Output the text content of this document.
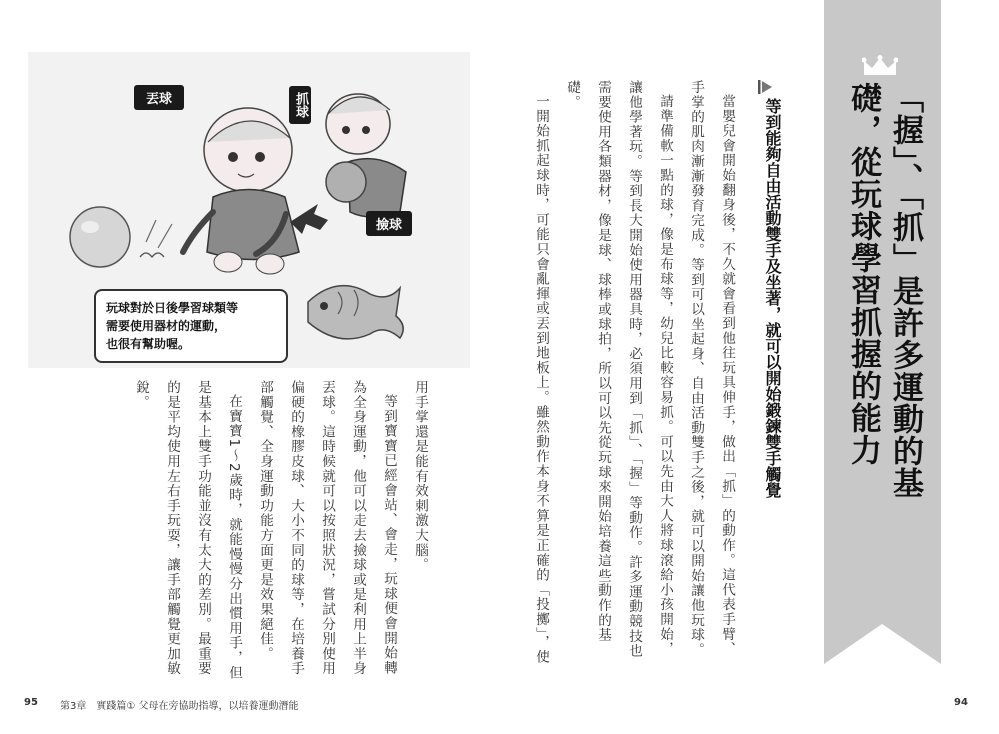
「握」、「抓」是許多運動的基礎，從玩球學習抓握的能力
等到能夠自由活動雙手及坐著，就可以開始鍛鍊雙手觸覺

當嬰兒會開始翻身後，不久就會看到他往玩具伸手，做出「抓」的動作。這代表手臂、手掌的肌肉漸漸發育完成。等到可以坐起身、自由活動雙手之後，就可以開始讓他玩球。

請準備軟一點的球，像是布球等，幼兒比較容易抓。可以先由大人將球滾給小孩開始，讓他學著玩。等到長大開始使用器具時，必須用到「抓」、「握」等動作。許多運動競技也需要使用各類器材，像是球、球棒或球拍，所以可以先從玩球來開始培養這些動作的基礎。

一開始抓起球時，可能只會亂揮或丟到地板上。雖然動作本身不算是正確的「投擲」，使

用手掌還是能有效刺激大腦。

等到寶寶已經會站、會走，玩球便會開始轉為全身運動，他可以走去撿球或是利用上半身丟球。這時候就可以按照狀況，嘗試分別使用偏硬的橡膠皮球、大小不同的球等，在培養手部觸覺、全身運動功能方面更是效果絕佳。

在寶寶1～2歲時，就能慢慢分出慣用手，但是基本上雙手功能並沒有太大的差別。最重要的是平均使用左右手玩耍，讓手部觸覺更加敏銳。

丟球	抓球
撿球
玩球對於日後學習球類等
需要使用器材的運動，
也很有幫助喔。
95 第3章　實踐篇① 父母在旁協助指導，以培養運動潛能	94
